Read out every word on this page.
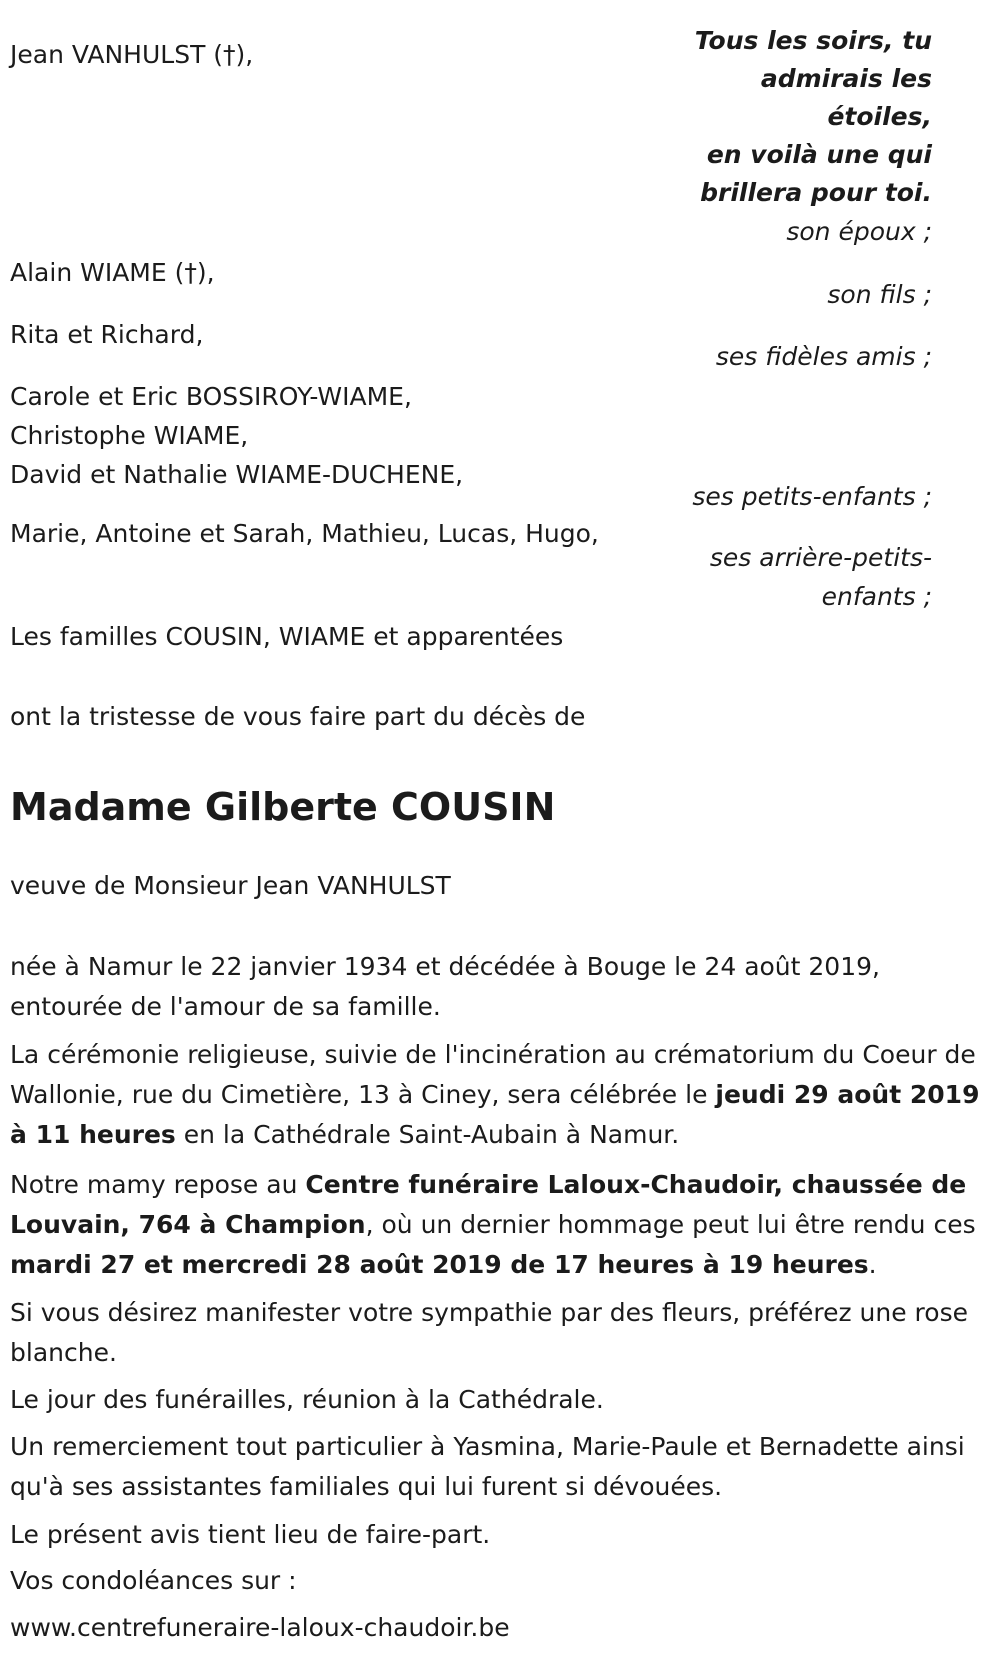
Tous les soirs, tu
admirais les
étoiles,
en voilà une qui
brillera pour toi.
Jean VANHULST (†),
son époux ;
Alain WIAME (†),
son fils ;
Rita et Richard,
ses fidèles amis ;
Carole et Eric BOSSIROY-WIAME,
Christophe WIAME,
David et Nathalie WIAME-DUCHENE,
ses petits-enfants ;
Marie, Antoine et Sarah, Mathieu, Lucas, Hugo,
ses arrière-petits-
enfants ;
Les familles COUSIN, WIAME et apparentées
ont la tristesse de vous faire part du décès de
Madame Gilberte COUSIN
veuve de Monsieur Jean VANHULST
née à Namur le 22 janvier 1934 et décédée à Bouge le 24 août 2019, entourée de l'amour de sa famille.
La cérémonie religieuse, suivie de l'incinération au crématorium du Coeur de Wallonie, rue du Cimetière, 13 à Ciney, sera célébrée le jeudi 29 août 2019 à 11 heures en la Cathédrale Saint-Aubain à Namur.
Notre mamy repose au Centre funéraire Laloux-Chaudoir, chaussée de Louvain, 764 à Champion, où un dernier hommage peut lui être rendu ces mardi 27 et mercredi 28 août 2019 de 17 heures à 19 heures.
Si vous désirez manifester votre sympathie par des fleurs, préférez une rose blanche.
Le jour des funérailles, réunion à la Cathédrale.
Un remerciement tout particulier à Yasmina, Marie-Paule et Bernadette ainsi qu'à ses assistantes familiales qui lui furent si dévouées.
Le présent avis tient lieu de faire-part.
Vos condoléances sur :
www.centrefuneraire-laloux-chaudoir.be
